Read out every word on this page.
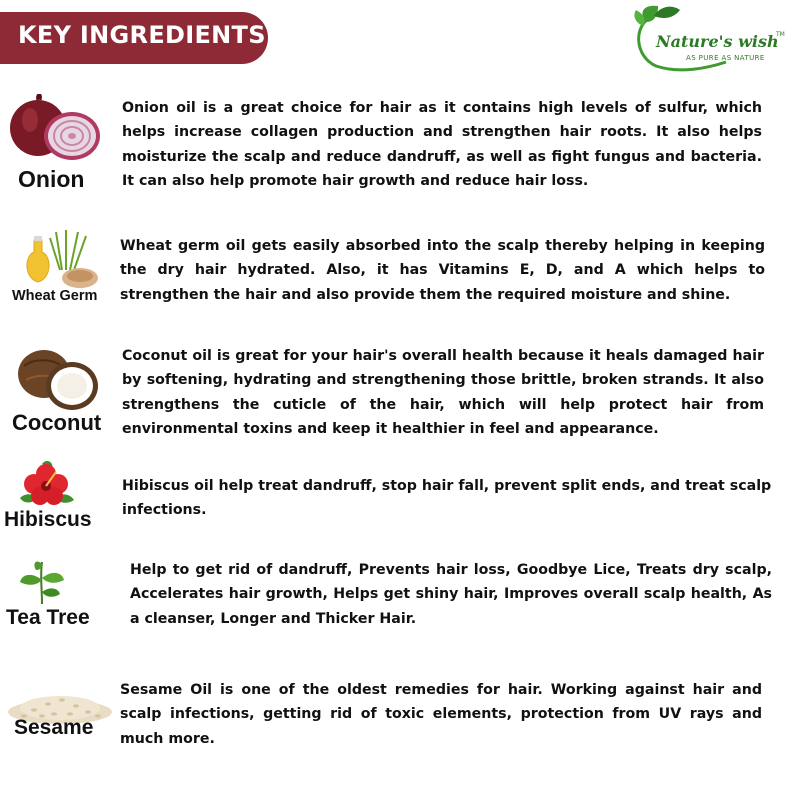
KEY INGREDIENTS	Nature's wish
TM
AS PURE AS NATURE
Onion

Onion oil is a great choice for hair as it contains high levels of sulfur, which helps increase collagen production and strengthen hair roots. It also helps moisturize the scalp and reduce dandruff, as well as fight fungus and bacteria. It can also help promote hair growth and reduce hair loss.

Wheat Germ

Wheat germ oil gets easily absorbed into the scalp thereby helping in keeping the dry hair hydrated. Also, it has Vitamins E, D, and A which helps to strengthen the hair and also provide them the required moisture and shine.

Coconut

Coconut oil is great for your hair's overall health because it heals damaged hair by softening, hydrating and strengthening those brittle, broken strands. It also strengthens the cuticle of the hair, which will help protect hair from environmental toxins and keep it healthier in feel and appearance.

Hibiscus

Hibiscus oil help treat dandruff, stop hair fall, prevent split ends, and treat scalp infections.

Tea Tree

Help to get rid of dandruff, Prevents hair loss, Goodbye Lice, Treats dry scalp, Accelerates hair growth, Helps get shiny hair, Improves overall scalp health, As a cleanser, Longer and Thicker Hair.

Sesame

Sesame Oil is one of the oldest remedies for hair. Working against hair and scalp infections, getting rid of toxic elements, protection from UV rays and much more.
